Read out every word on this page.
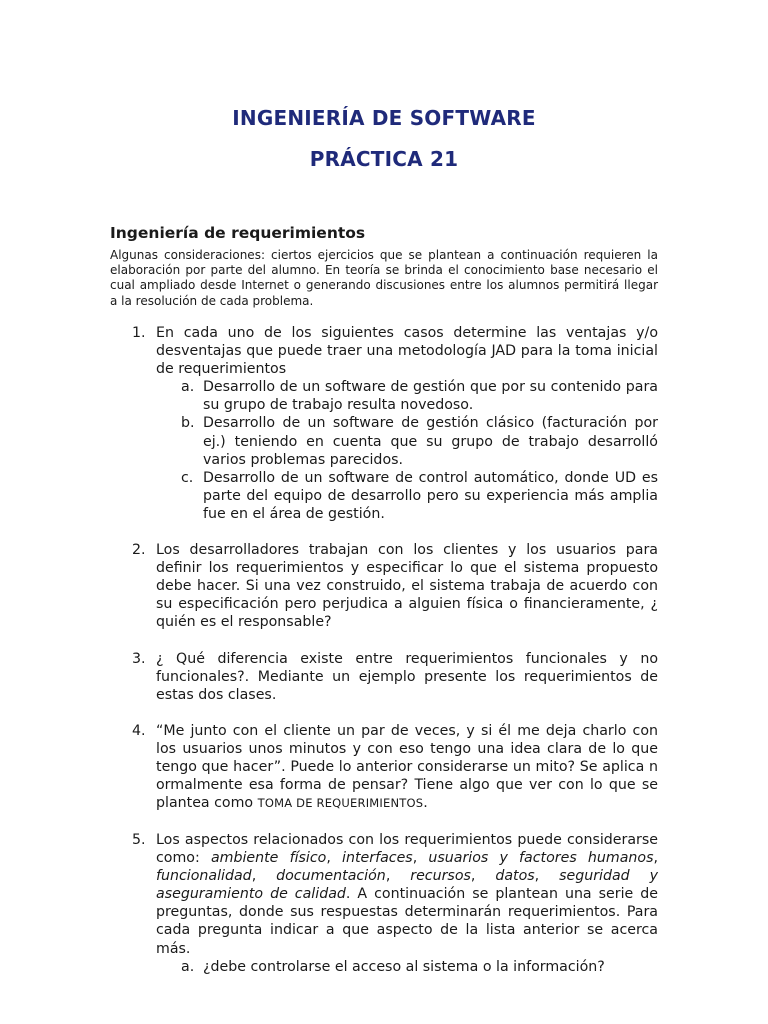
INGENIERÍA DE SOFTWARE
PRÁCTICA 21
Ingeniería de requerimientos
Algunas consideraciones: ciertos ejercicios que se plantean a continuación requieren la elaboración por parte del alumno. En teoría se brinda el conocimiento base necesario el cual ampliado desde Internet o generando discusiones entre los alumnos permitirá llegar a la resolución de cada problema.
1. En cada uno de los siguientes casos determine las ventajas y/o desventajas que puede traer una metodología JAD para la toma inicial de requerimientos
a. Desarrollo de un software de gestión que por su contenido para su grupo de trabajo resulta novedoso.
b. Desarrollo de un software de gestión clásico (facturación por ej.) teniendo en cuenta que su grupo de trabajo desarrolló varios problemas parecidos.
c. Desarrollo de un software de control automático, donde UD es parte del equipo de desarrollo pero su experiencia más amplia fue en el área de gestión.
2. Los desarrolladores trabajan con los clientes y los usuarios para definir los requerimientos y especificar lo que el sistema propuesto debe hacer. Si una vez construido, el sistema trabaja de acuerdo con su especificación pero perjudica a alguien física o financieramente, ¿ quién es el responsable?
3. ¿ Qué diferencia existe entre requerimientos funcionales y no funcionales?. Mediante un ejemplo presente los requerimientos de estas dos clases.
4. “Me junto con el cliente un par de veces, y si él me deja charlo con los usuarios unos minutos y con eso tengo una idea clara de lo que tengo que hacer”. Puede lo anterior considerarse un mito? Se aplica n ormalmente esa forma de pensar? Tiene algo que ver con lo que se plantea como TOMA DE REQUERIMIENTOS.
5. Los aspectos relacionados con los requerimientos puede considerarse como: ambiente físico, interfaces, usuarios y factores humanos, funcionalidad, documentación, recursos, datos, seguridad y aseguramiento de calidad. A continuación se plantean una serie de preguntas, donde sus respuestas determinarán requerimientos. Para cada pregunta indicar a que aspecto de la lista anterior se acerca más.
a. ¿debe controlarse el acceso al sistema o la información?
